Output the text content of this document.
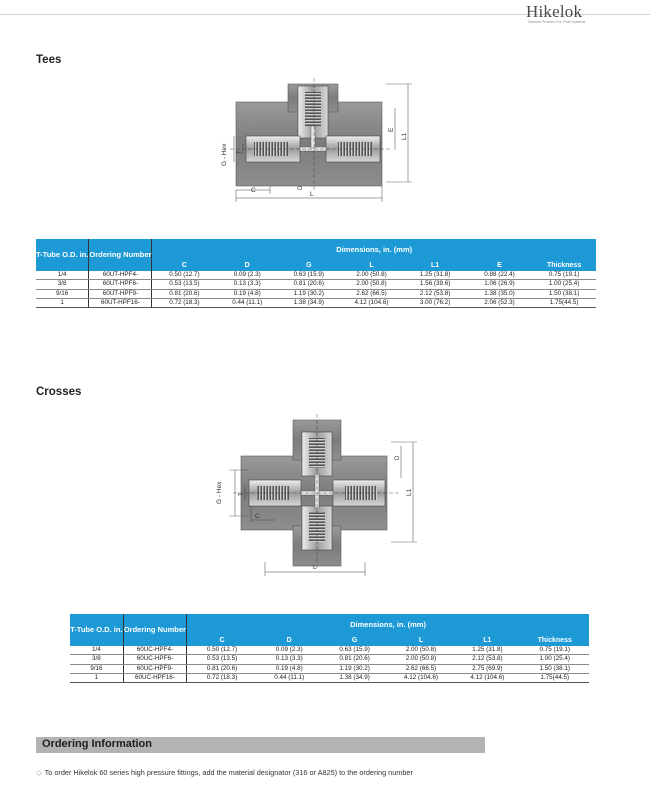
Hikelok
Solution Provider For Fluid Systems
Tees
G - Hex T
C	D
L
E
L1
T-Tube O.D. in.	Ordering Number	Dimensions, in. (mm)						
		C	D	G	L	L1	E	Thickness
1/4	60UT-HPF4-	0.50 (12.7)	0.09 (2.3)	0.63 (15.9)	2.00 (50.8)	1.25 (31.8)	0.88 (22.4)	0.75 (19.1)
3/8	60UT-HPF6-	0.53 (13.5)	0.13 (3.3)	0.81 (20.6)	2.00 (50.8)	1.56 (39.6)	1.06 (26.9)	1.00 (25.4)
9/16	60UT-HPF9-	0.81 (20.6)	0.19 (4.8)	1.19 (30.2)	2.62 (66.5)	2.12 (53.8)	1.38 (35.0)	1.50 (38.1)
1	60UT-HPF16-	0.72 (18.3)	0.44 (11.1)	1.38 (34.9)	4.12 (104.6)	3.00 (76.2)	2.06 (52.3)	1.75(44.5)
Crosses
G - Hex	T
C
L
D
L1
T-Tube O.D. in.	Ordering Number	Dimensions, in. (mm)					
		C	D	G	L	L1	Thickness
1/4	60UC-HPF4-	0.50 (12.7)	0.09 (2.3)	0.63 (15.9)	2.00 (50.8)	1.25 (31.8)	0.75 (19.1)
3/8	60UC-HPF6-	0.53 (13.5)	0.13 (3.3)	0.81 (20.6)	2.00 (50.8)	2.12 (53.8)	1.00 (25.4)
9/16	60UC-HPF9-	0.81 (20.6)	0.19 (4.8)	1.19 (30.2)	2.62 (66.5)	2.75 (69.9)	1.50 (38.1)
1	60UC-HPF16-	0.72 (18.3)	0.44 (11.1)	1.38 (34.9)	4.12 (104.6)	4.12 (104.6)	1.75(44.5)
Ordering Information
◇ To order Hikelok 60 series high pressure fittings, add the material designator (316 or A825) to the ordering number
